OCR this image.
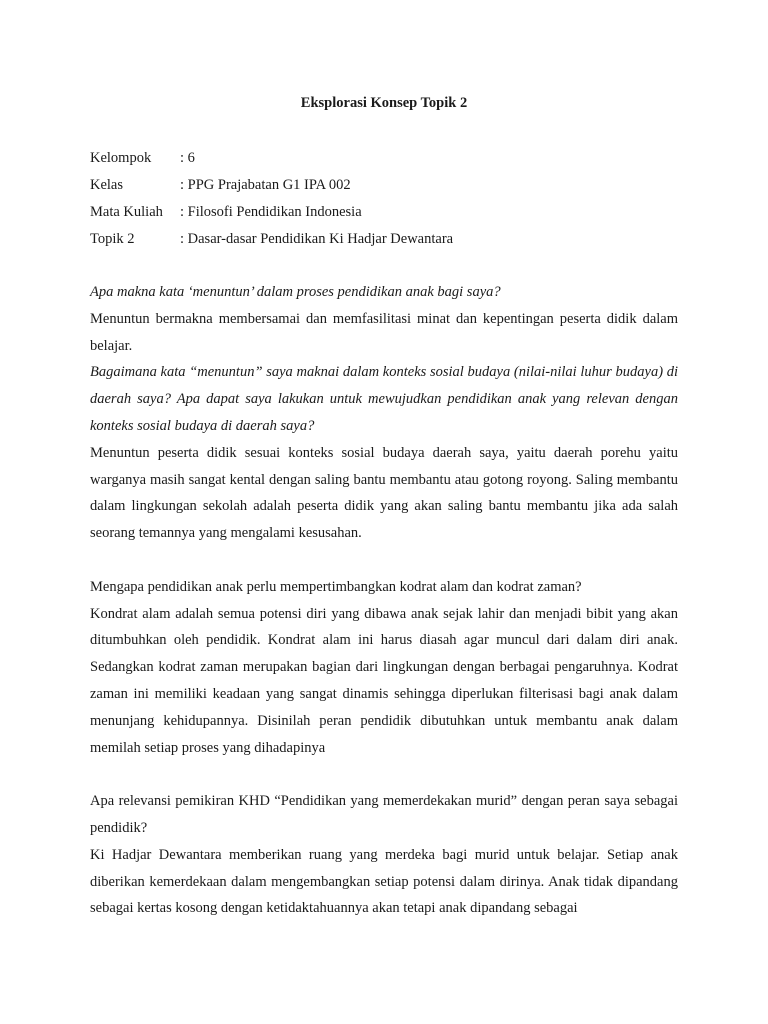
Eksplorasi Konsep Topik 2
Kelompok	: 6
Kelas	: PPG Prajabatan G1 IPA 002
Mata Kuliah	: Filosofi Pendidikan Indonesia
Topik 2	: Dasar-dasar Pendidikan Ki Hadjar Dewantara

Apa makna kata ‘menuntun’ dalam proses pendidikan anak bagi saya?

Menuntun bermakna membersamai dan memfasilitasi minat dan kepentingan peserta didik dalam belajar.

Bagaimana kata “menuntun” saya maknai dalam konteks sosial budaya (nilai-nilai luhur budaya) di daerah saya? Apa dapat saya lakukan untuk mewujudkan pendidikan anak yang relevan dengan konteks sosial budaya di daerah saya?

Menuntun peserta didik sesuai konteks sosial budaya daerah saya, yaitu daerah porehu yaitu warganya masih sangat kental dengan saling bantu membantu atau gotong royong. Saling membantu dalam lingkungan sekolah adalah peserta didik yang akan saling bantu membantu jika ada salah seorang temannya yang mengalami kesusahan.

Mengapa pendidikan anak perlu mempertimbangkan kodrat alam dan kodrat zaman?

Kondrat alam adalah semua potensi diri yang dibawa anak sejak lahir dan menjadi bibit yang akan ditumbuhkan oleh pendidik. Kondrat alam ini harus diasah agar muncul dari dalam diri anak. Sedangkan kodrat zaman merupakan bagian dari lingkungan dengan berbagai pengaruhnya. Kodrat zaman ini memiliki keadaan yang sangat dinamis sehingga diperlukan filterisasi bagi anak dalam menunjang kehidupannya. Disinilah peran pendidik dibutuhkan untuk membantu anak dalam memilah setiap proses yang dihadapinya

Apa relevansi pemikiran KHD “Pendidikan yang memerdekakan murid” dengan peran saya sebagai pendidik?

Ki Hadjar Dewantara memberikan ruang yang merdeka bagi murid untuk belajar. Setiap anak diberikan kemerdekaan dalam mengembangkan setiap potensi dalam dirinya. Anak tidak dipandang sebagai kertas kosong dengan ketidaktahuannya akan tetapi anak dipandang sebagai
